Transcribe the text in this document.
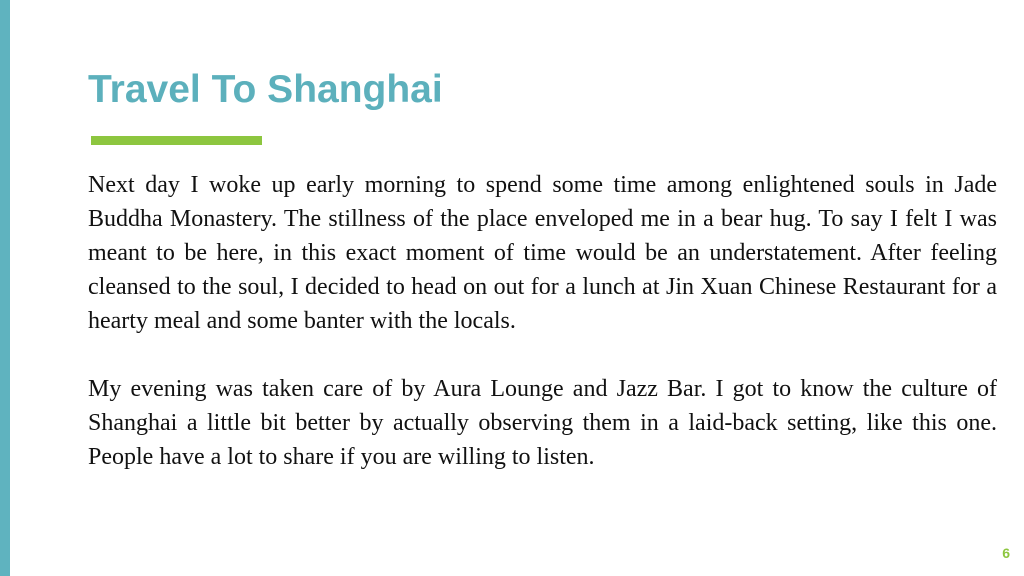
Travel To Shanghai

Next day I woke up early morning to spend some time among enlightened souls in Jade Buddha Monastery. The stillness of the place enveloped me in a bear hug. To say I felt I was meant to be here, in this exact moment of time would be an understatement. After feeling cleansed to the soul, I decided to head on out for a lunch at Jin Xuan Chinese Restaurant for a hearty meal and some banter with the locals.

My evening was taken care of by Aura Lounge and Jazz Bar. I got to know the culture of Shanghai a little bit better by actually observing them in a laid-back setting, like this one. People have a lot to share if you are willing to listen.

6
